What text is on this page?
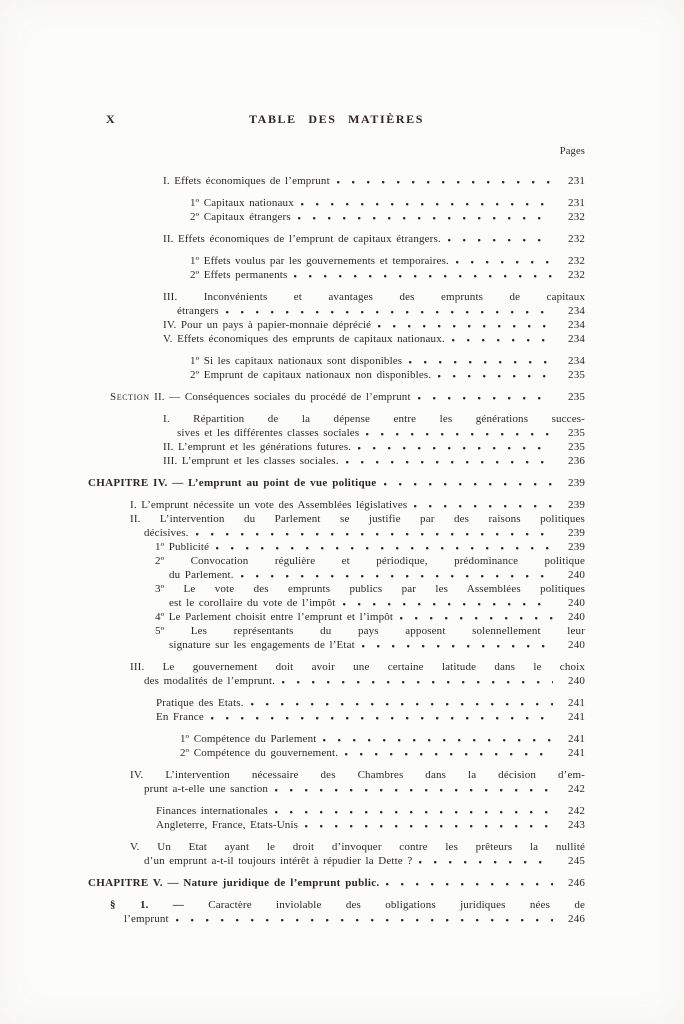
X	TABLE DES MATIÈRES
Pages
I. Effets économiques de l’emprunt	231
1º Capitaux nationaux	231
2º Capitaux étrangers	232
II. Effets économiques de l’emprunt de capitaux étrangers.	232
1º Effets voulus par les gouvernements et temporaires.	232
2º Effets permanents	232
III. Inconvénients et avantages des emprunts de capitaux
étrangers	234
IV. Pour un pays à papier-monnaie déprécié	234
V. Effets économiques des emprunts de capitaux nationaux.	234
1º Si les capitaux nationaux sont disponibles	234
2º Emprunt de capitaux nationaux non disponibles.	235
Section II. — Conséquences sociales du procédé de l’emprunt	235
I. Répartition de la dépense entre les générations succes-
sives et les différentes classes sociales	235
II. L’emprunt et les générations futures.	235
III. L’emprunt et les classes sociales.	236
CHAPITRE IV. — L’emprunt au point de vue politique	239
I. L’emprunt nécessite un vote des Assemblées législatives	239
II. L’intervention du Parlement se justifie par des raisons politiques
décisives.	239
1º Publicité	239
2º Convocation régulière et périodique, prédominance politique
du Parlement.	240
3º Le vote des emprunts publics par les Assemblées politiques
est le corollaire du vote de l’impôt	240
4º Le Parlement choisit entre l’emprunt et l’impôt	240
5º Les représentants du pays apposent solennellement leur
signature sur les engagements de l’Etat	240
III. Le gouvernement doit avoir une certaine latitude dans le choix
des modalités de l’emprunt.	240
Pratique des Etats.	241
En France	241
1º Compétence du Parlement	241
2º Compétence du gouvernement.	241
IV. L’intervention nécessaire des Chambres dans la décision d’em-
prunt a-t-elle une sanction	242
Finances internationales	242
Angleterre, France, Etats-Unis	243
V. Un Etat ayant le droit d’invoquer contre les prêteurs la nullité
d’un emprunt a-t-il toujours intérêt à répudier la Dette ?	245
CHAPITRE V. — Nature juridique de l’emprunt public.	246
§ 1. — Caractère inviolable des obligations juridiques nées de
l’emprunt	246
